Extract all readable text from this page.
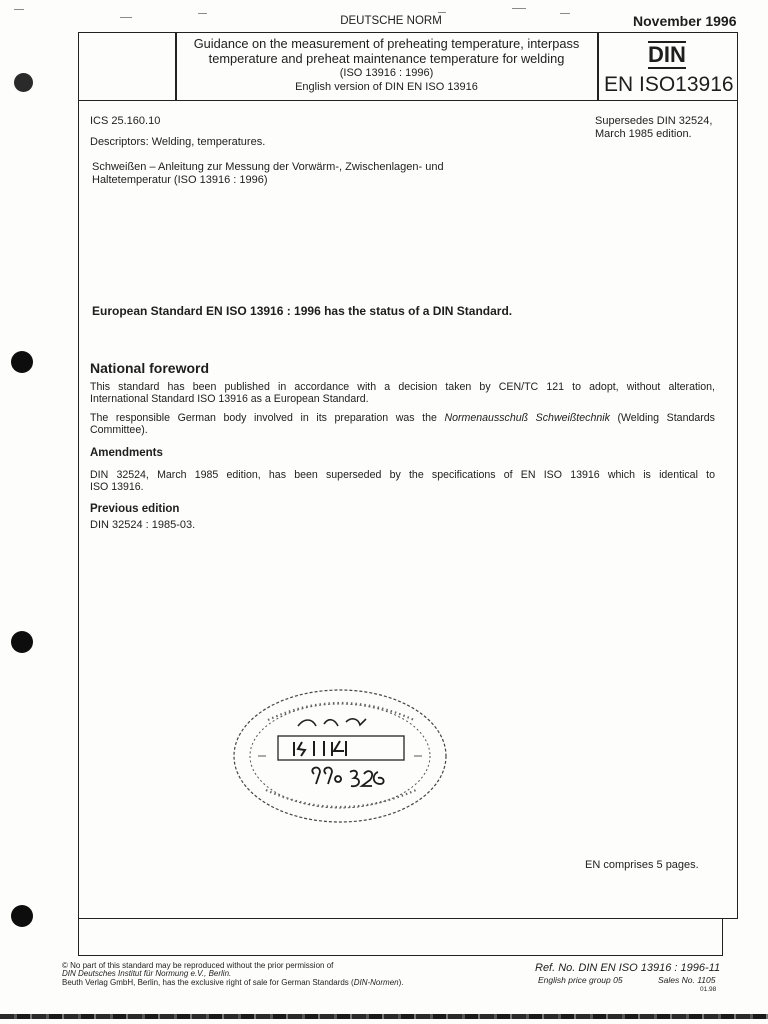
DEUTSCHE NORM	November 1996
Guidance on the measurement of preheating temperature, interpass
temperature and preheat maintenance temperature for welding
(ISO 13916 : 1996)
English version of DIN EN ISO 13916
DIN
EN ISO13916
ICS 25.160.10	Supersedes DIN 32524,
March 1985 edition.
Descriptors: Welding, temperatures.
Schweißen – Anleitung zur Messung der Vorwärm-, Zwischenlagen- und
Haltetemperatur (ISO 13916 : 1996)
European Standard EN ISO 13916 : 1996 has the status of a DIN Standard.
National foreword
This standard has been published in accordance with a decision taken by CEN/TC 121 to adopt, without alteration,
International Standard ISO 13916 as a European Standard.
The responsible German body involved in its preparation was the Normenausschuß Schweißtechnik (Welding Standards
Committee).
Amendments
DIN 32524, March 1985 edition, has been superseded by the specifications of EN ISO 13916 which is identical to
ISO 13916.
Previous edition
DIN 32524 : 1985-03.
EN comprises 5 pages.
© No part of this standard may be reproduced without the prior permission of
DIN Deutsches Institut für Normung e.V., Berlin.
Beuth Verlag GmbH, Berlin, has the exclusive right of sale for German Standards (DIN-Normen).
Ref. No. DIN EN ISO 13916 : 1996-11
English price group 05	Sales No. 1105
01.98
